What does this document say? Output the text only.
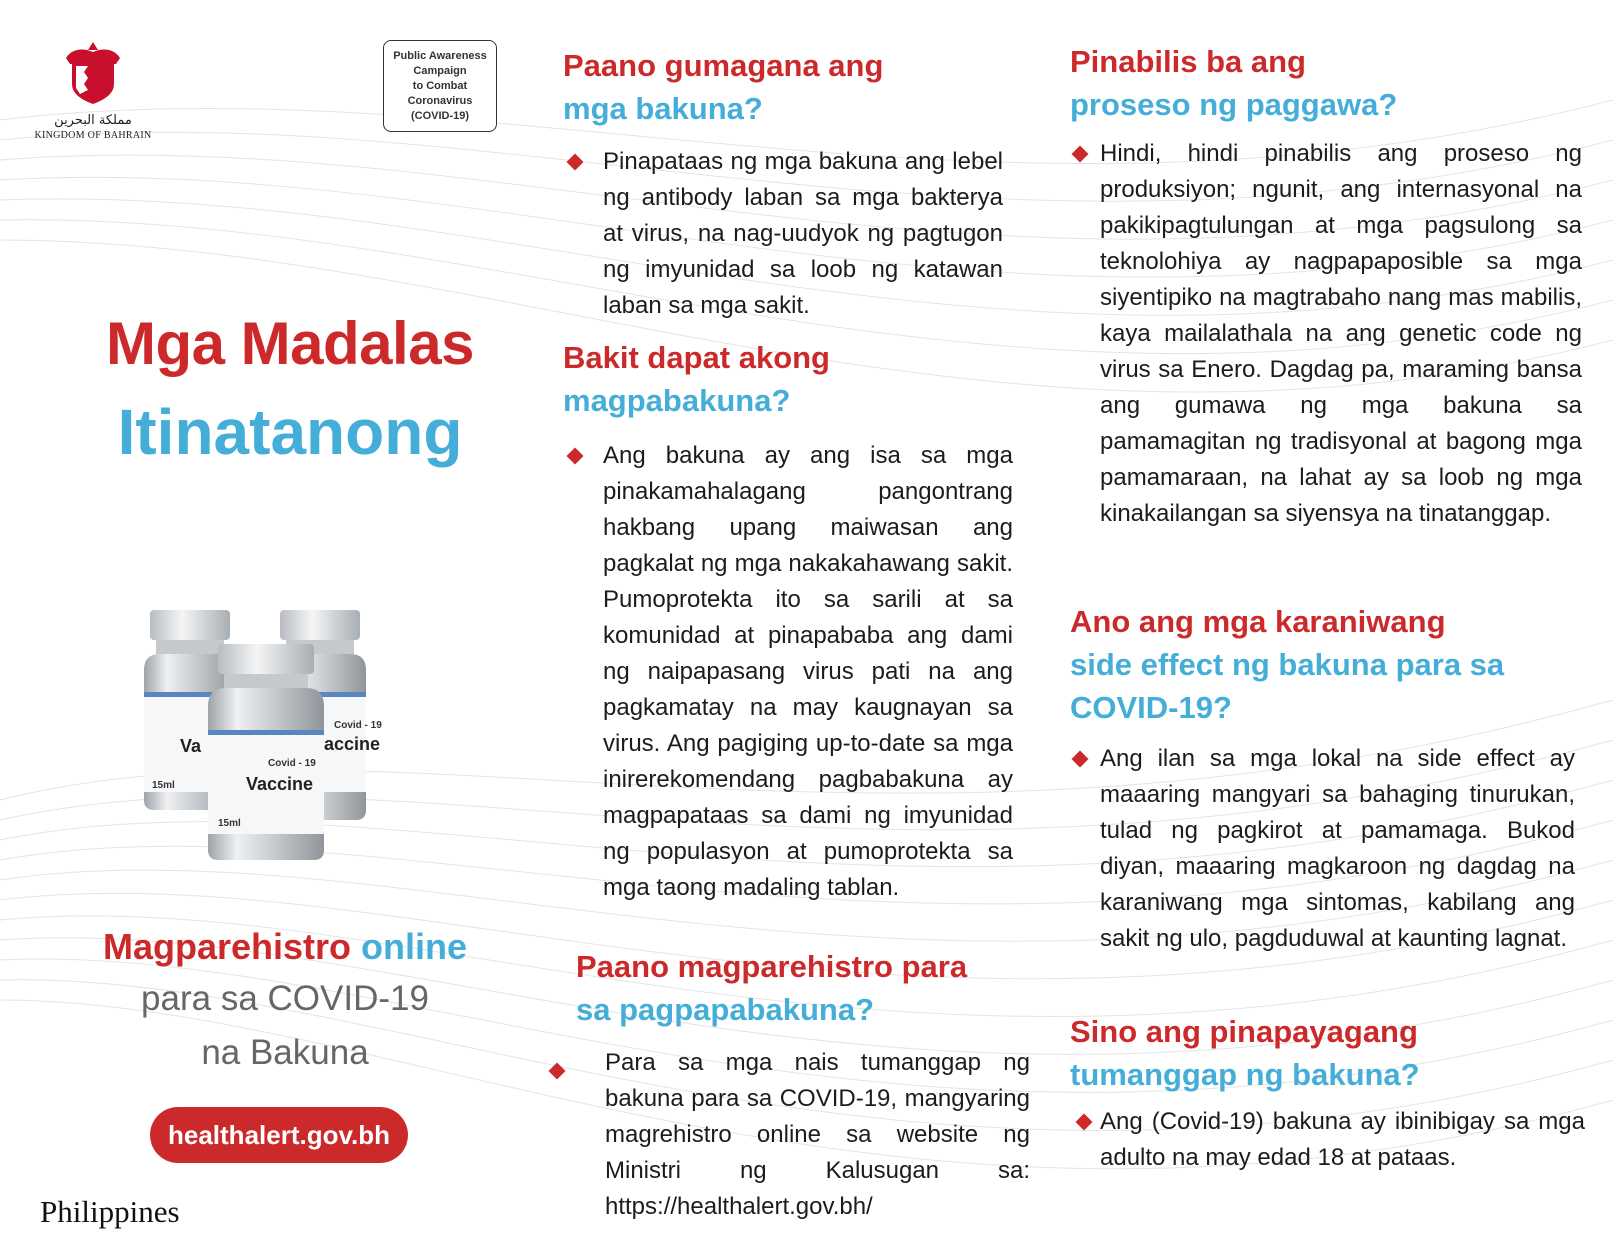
مملكة البحرين
KINGDOM OF BAHRAIN
Public Awareness
Campaign
to Combat
Coronavirus
(COVID-19)
Mga Madalas
Itinatanong
Va
15ml
Covid - 19
accine
Covid - 19
Vaccine
15ml
Magparehistro online
para sa COVID-19
na Bakuna
healthalert.gov.bh
Philippines
Paano gumagana ang
mga bakuna?
Pinapataas ng mga bakuna ang lebel ng antibody laban sa mga bakterya at virus, na nag-uudyok ng pagtugon ng imyunidad sa loob ng katawan laban sa mga sakit.
Bakit dapat akong
magpabakuna?
Ang bakuna ay ang isa sa mga pinakamahalagang pangontrang hakbang upang maiwasan ang pagkalat ng mga nakakahawang sakit. Pumoprotekta ito sa sarili at sa komunidad at pinapababa ang dami ng naipapasang virus pati na ang pagkamatay na may kaugnayan sa virus. Ang pagiging up-to-date sa mga inirerekomendang pagbabakuna ay magpapataas sa dami ng imyunidad ng populasyon at pumoprotekta sa mga taong madaling tablan.
Paano magparehistro para
sa pagpapabakuna?
Para sa mga nais tumanggap ng bakuna para sa COVID-19, mangyaring magrehistro online sa website ng Ministri ng Kalusugan sa: https://healthalert.gov.bh/
Pinabilis ba ang
proseso ng paggawa?
Hindi, hindi pinabilis ang proseso ng produksiyon; ngunit, ang internasyonal na pakikipagtulungan at mga pagsulong sa teknolohiya ay nagpapaposible sa mga siyentipiko na magtrabaho nang mas mabilis, kaya mailalathala na ang genetic code ng virus sa Enero. Dagdag pa, maraming bansa ang gumawa ng mga bakuna sa pamamagitan ng tradisyonal at bagong mga pamamaraan, na lahat ay sa loob ng mga kinakailangan sa siyensya na tinatanggap.
Ano ang mga karaniwang
side effect ng bakuna para sa
COVID-19?
Ang ilan sa mga lokal na side effect ay maaaring mangyari sa bahaging tinurukan, tulad ng pagkirot at pamamaga. Bukod diyan, maaaring magkaroon ng dagdag na karaniwang mga sintomas, kabilang ang sakit ng ulo, pagduduwal at kaunting lagnat.
Sino ang pinapayagang
tumanggap ng bakuna?
Ang (Covid-19) bakuna ay ibinibigay sa mga adulto na may edad 18 at pataas.
